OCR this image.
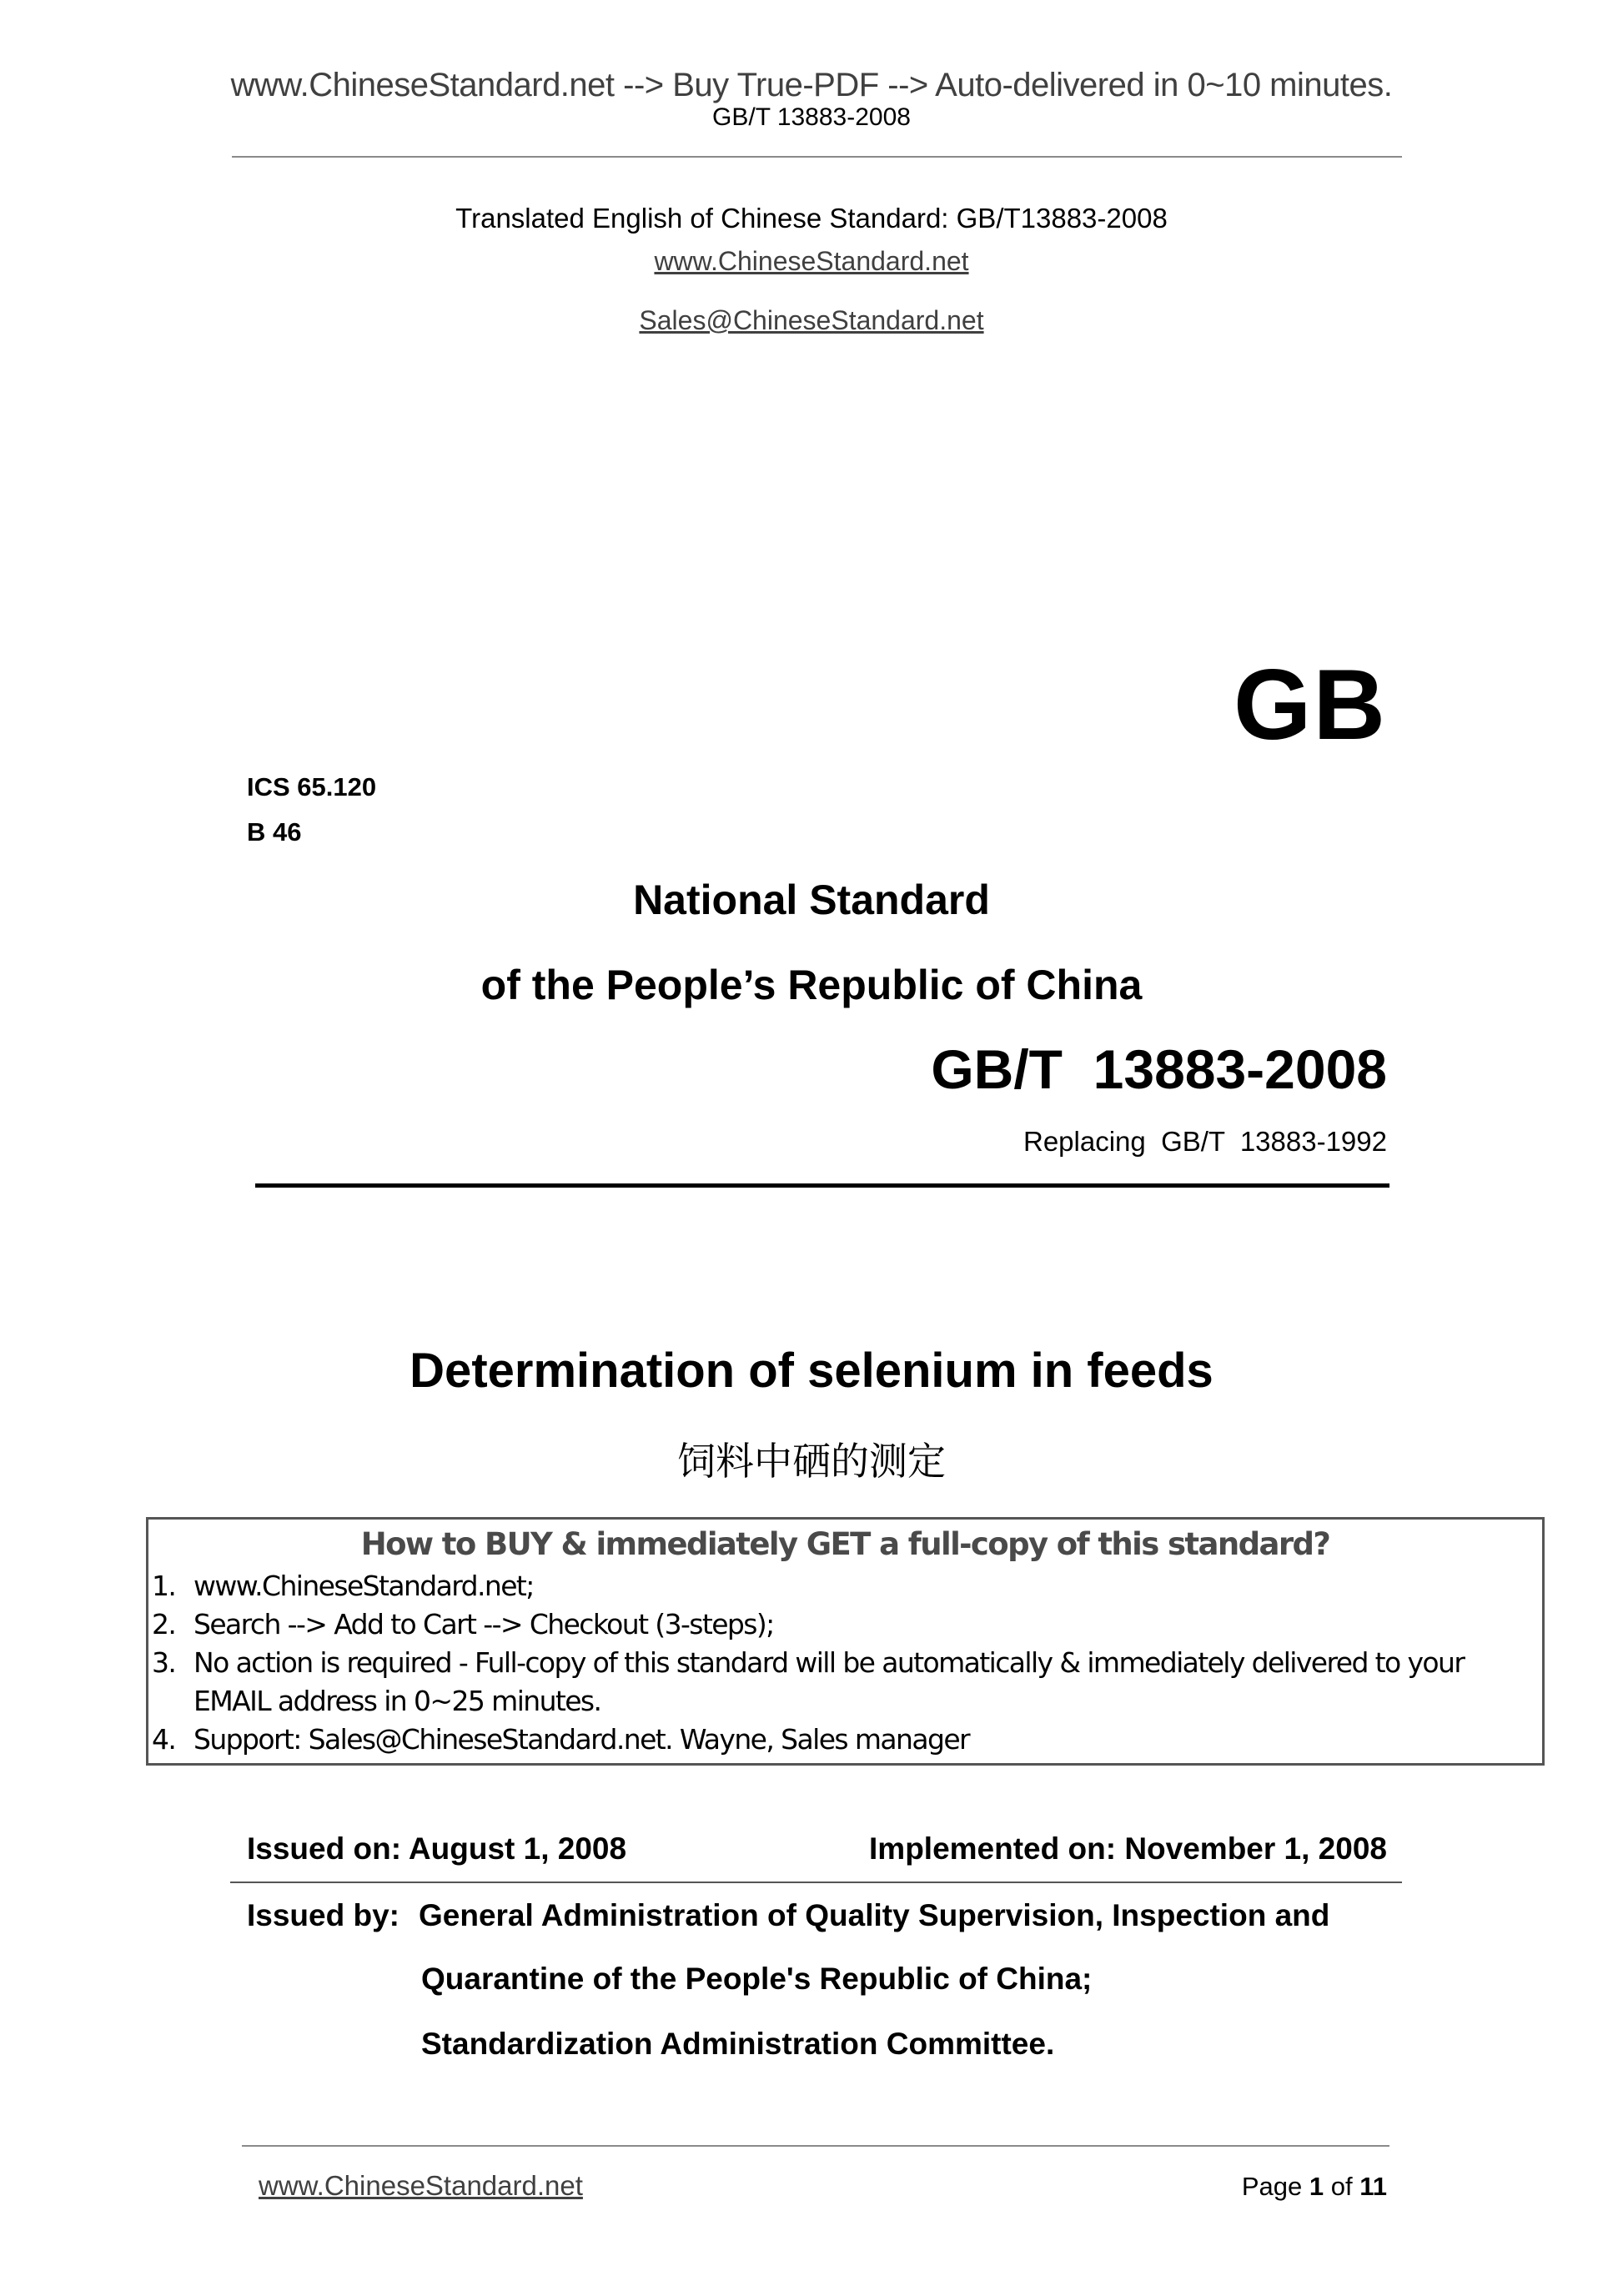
www.ChineseStandard.net --> Buy True-PDF --> Auto-delivered in 0~10 minutes.
GB/T 13883-2008
Translated English of Chinese Standard: GB/T13883-2008
www.ChineseStandard.net
Sales@ChineseStandard.net
GB
ICS 65.120
B 46
National Standard
of the People’s Republic of China
GB/T  13883-2008
Replacing  GB/T  13883-1992
Determination of selenium in feeds
饲料中硒的测定
How to BUY & immediately GET a full-copy of this standard?
1. www.ChineseStandard.net;
2. Search --> Add to Cart --> Checkout (3-steps);
3. No action is required - Full-copy of this standard will be automatically & immediately delivered to your EMAIL address in 0~25 minutes.
4. Support: Sales@ChineseStandard.net. Wayne, Sales manager
Issued on: August 1, 2008	Implemented on: November 1, 2008
Issued by: General Administration of Quality Supervision, Inspection and
Quarantine of the People's Republic of China;
Standardization Administration Committee.
www.ChineseStandard.net	Page 1 of 11
